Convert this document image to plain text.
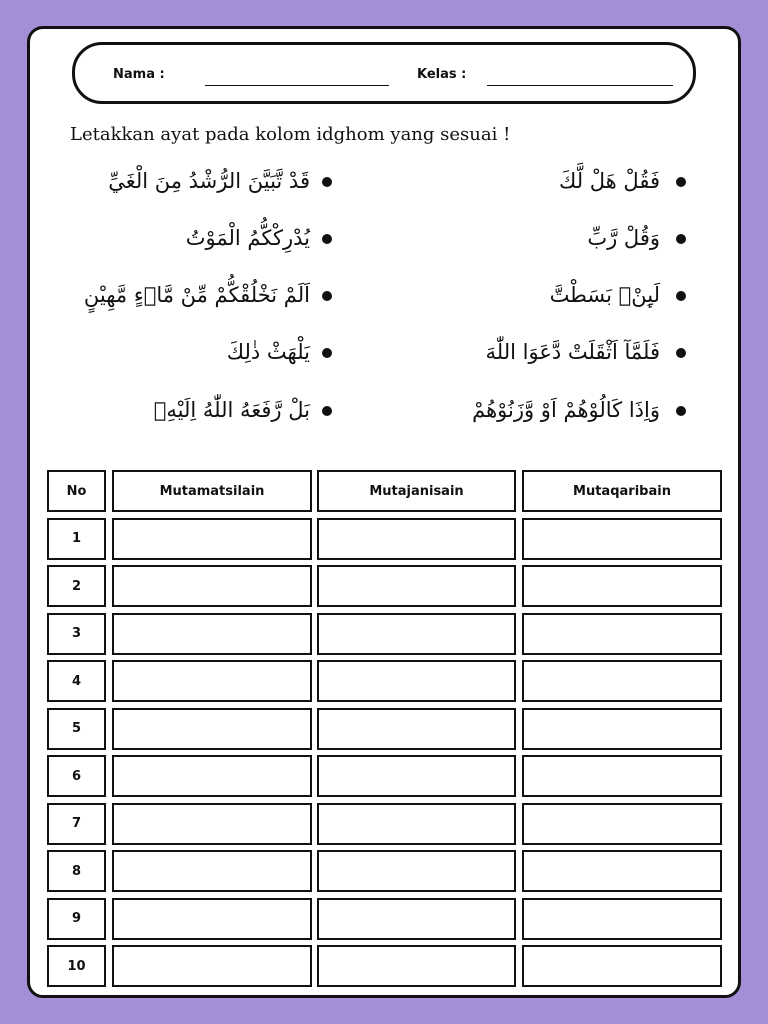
Nama :	Kelas :
Letakkan ayat pada kolom idghom yang sesuai !
فَقُلْ هَلْ لَّكَ
وَقُلْ رَّبِّ
لَىِٕنْۢ بَسَطْتَّ
فَلَمَّآ اَثْقَلَتْ دَّعَوَا اللّٰهَ
وَاِذَا كَالُوْهُمْ اَوْ وَّزَنُوْهُمْ
قَدْ تَّبَيَّنَ الرُّشْدُ مِنَ الْغَيِّ
يُدْرِكْكُّمُ الْمَوْتُ
اَلَمْ نَخْلُقْكُّمْ مِّنْ مَّاۤءٍ مَّهِيْنٍ
يَلْهَثْ ذٰلِكَ
بَلْ رَّفَعَهُ اللّٰهُ اِلَيْهِۗ
No	Mutamatsilain	Mutajanisain	Mutaqaribain
1
2
3
4
5
6
7
8
9
10
